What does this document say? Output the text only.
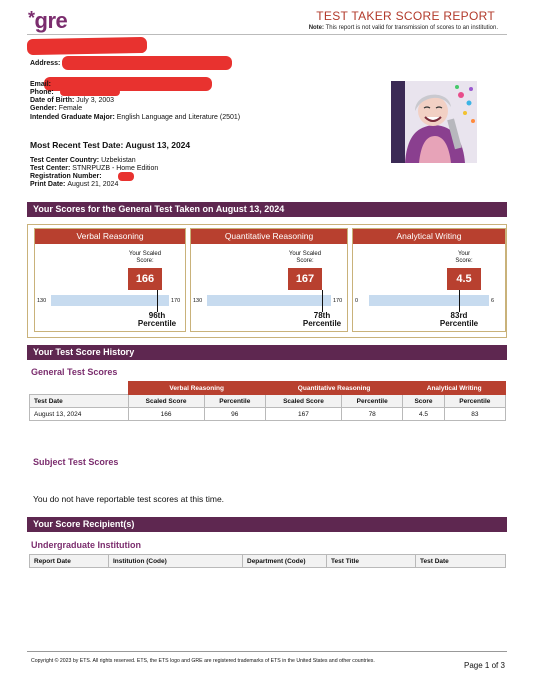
*gre	TEST TAKER SCORE REPORT
Note: This report is not valid for transmission of scores to an institution.
Address:
Email:
Phone:
Date of Birth: July 3, 2003
Gender: Female
Intended Graduate Major: English Language and Literature (2501)
Most Recent Test Date: August 13, 2024
Test Center Country: Uzbekistan
Test Center: STNRPUZB - Home Edition
Registration Number:
Print Date: August 21, 2024
Your Scores for the General Test Taken on August 13, 2024
Verbal Reasoning
Your Scaled
Score:
166
130	170
96th
Percentile
Quantitative Reasoning
Your Scaled
Score:
167
130	170
78th
Percentile
Analytical Writing
Your
Score:
4.5
0	6
83rd
Percentile
Your Test Score History
General Test Scores
	Verbal Reasoning		Quantitative Reasoning		Analytical Writing	
Test Date	Scaled Score	Percentile	Scaled Score	Percentile	Score	Percentile
August 13, 2024	166	96	167	78	4.5	83
Subject Test Scores
You do not have reportable test scores at this time.
Your Score Recipient(s)
Undergraduate Institution
Report Date	Institution (Code)	Department (Code)	Test Title	Test Date
Copyright © 2023 by ETS. All rights reserved. ETS, the ETS logo and GRE are registered trademarks of ETS in the United States and other countries.	Page 1 of 3
